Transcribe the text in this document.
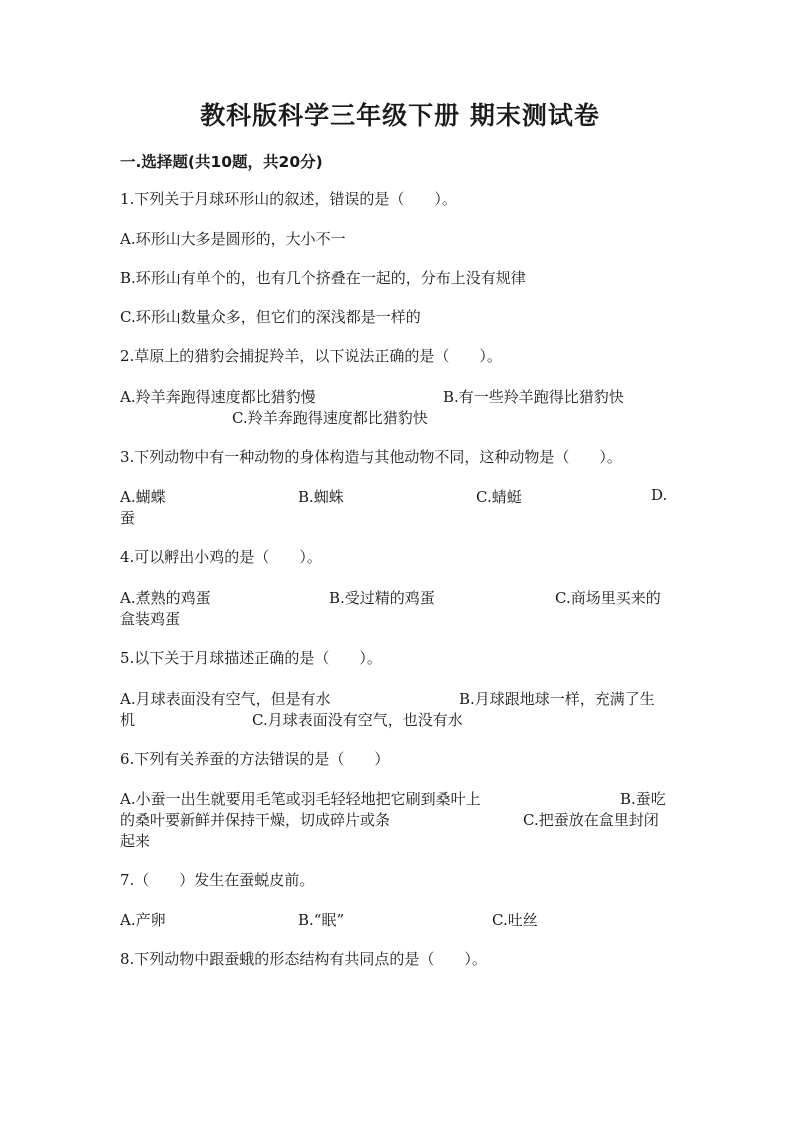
教科版科学三年级下册 期末测试卷
一.选择题(共10题，共20分)
1.下列关于月球环形山的叙述，错误的是（　　）。
A.环形山大多是圆形的，大小不一
B.环形山有单个的，也有几个挤叠在一起的，分布上没有规律
C.环形山数量众多，但它们的深浅都是一样的
2.草原上的猎豹会捕捉羚羊，以下说法正确的是（　　）。
A.羚羊奔跑得速度都比猎豹慢	B.有一些羚羊跑得比猎豹快
C.羚羊奔跑得速度都比猎豹快
3.下列动物中有一种动物的身体构造与其他动物不同，这种动物是（　　）。
A.蝴蝶	B.蜘蛛	C.蜻蜓	D.
蚕
4.可以孵出小鸡的是（　　）。
A.煮熟的鸡蛋	B.受过精的鸡蛋	C.商场里买来的
盒装鸡蛋
5.以下关于月球描述正确的是（　　）。
A.月球表面没有空气，但是有水	B.月球跟地球一样，充满了生
机	C.月球表面没有空气，也没有水
6.下列有关养蚕的方法错误的是（　　）
A.小蚕一出生就要用毛笔或羽毛轻轻地把它刷到桑叶上	B.蚕吃
的桑叶要新鲜并保持干燥，切成碎片或条	C.把蚕放在盒里封闭
起来
7.（　　）发生在蚕蜕皮前。
A.产卵	B.“眠”	C.吐丝
8.下列动物中跟蚕蛾的形态结构有共同点的是（　　）。
